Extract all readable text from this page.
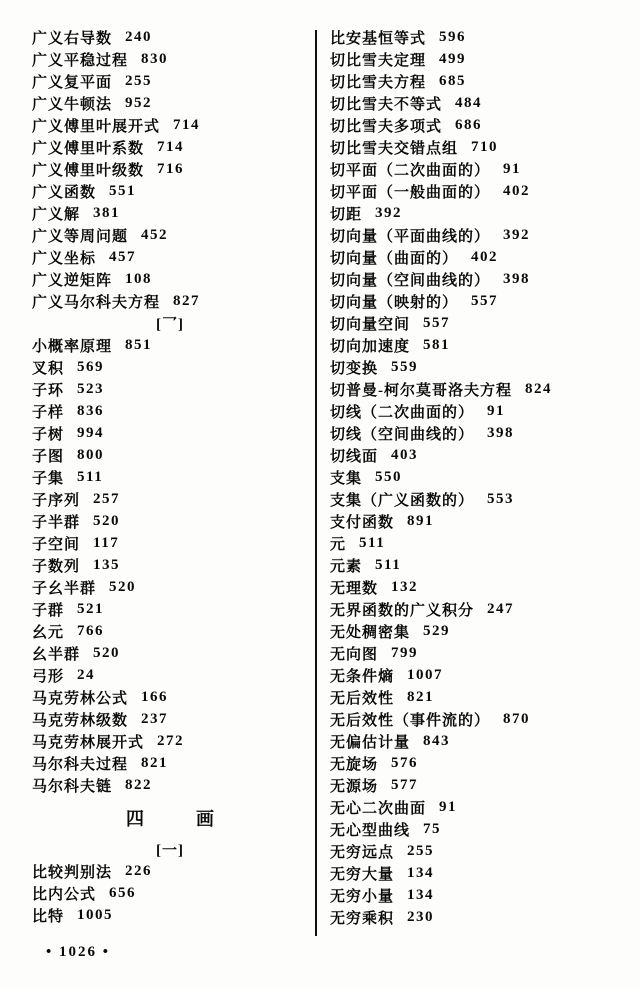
广义右导数 240
广义平稳过程 830
广义复平面 255
广义牛顿法 952
广义傅里叶展开式 714
广义傅里叶系数 714
广义傅里叶级数 716
广义函数 551
广义解 381
广义等周问题 452
广义坐标 457
广义逆矩阵 108
广义马尔科夫方程 827
[乛]
小概率原理 851
叉积 569
子环 523
子样 836
子树 994
子图 800
子集 511
子序列 257
子半群 520
子空间 117
子数列 135
子幺半群 520
子群 521
幺元 766
幺半群 520
弓形 24
马克劳林公式 166
马克劳林级数 237
马克劳林展开式 272
马尔科夫过程 821
马尔科夫链 822
四	画
[一]
比较判别法 226
比内公式 656
比特 1005
比安基恒等式 596
切比雪夫定理 499
切比雪夫方程 685
切比雪夫不等式 484
切比雪夫多项式 686
切比雪夫交错点组 710
切平面（二次曲面的） 91
切平面（一般曲面的） 402
切距 392
切向量（平面曲线的） 392
切向量（曲面的） 402
切向量（空间曲线的） 398
切向量（映射的） 557
切向量空间 557
切向加速度 581
切变换 559
切普曼-柯尔莫哥洛夫方程 824
切线（二次曲面的） 91
切线（空间曲线的） 398
切线面 403
支集 550
支集（广义函数的） 553
支付函数 891
元 511
元素 511
无理数 132
无界函数的广义积分 247
无处稠密集 529
无向图 799
无条件熵 1007
无后效性 821
无后效性（事件流的） 870
无偏估计量 843
无旋场 576
无源场 577
无心二次曲面 91
无心型曲线 75
无穷远点 255
无穷大量 134
无穷小量 134
无穷乘积 230
• 1026 •
